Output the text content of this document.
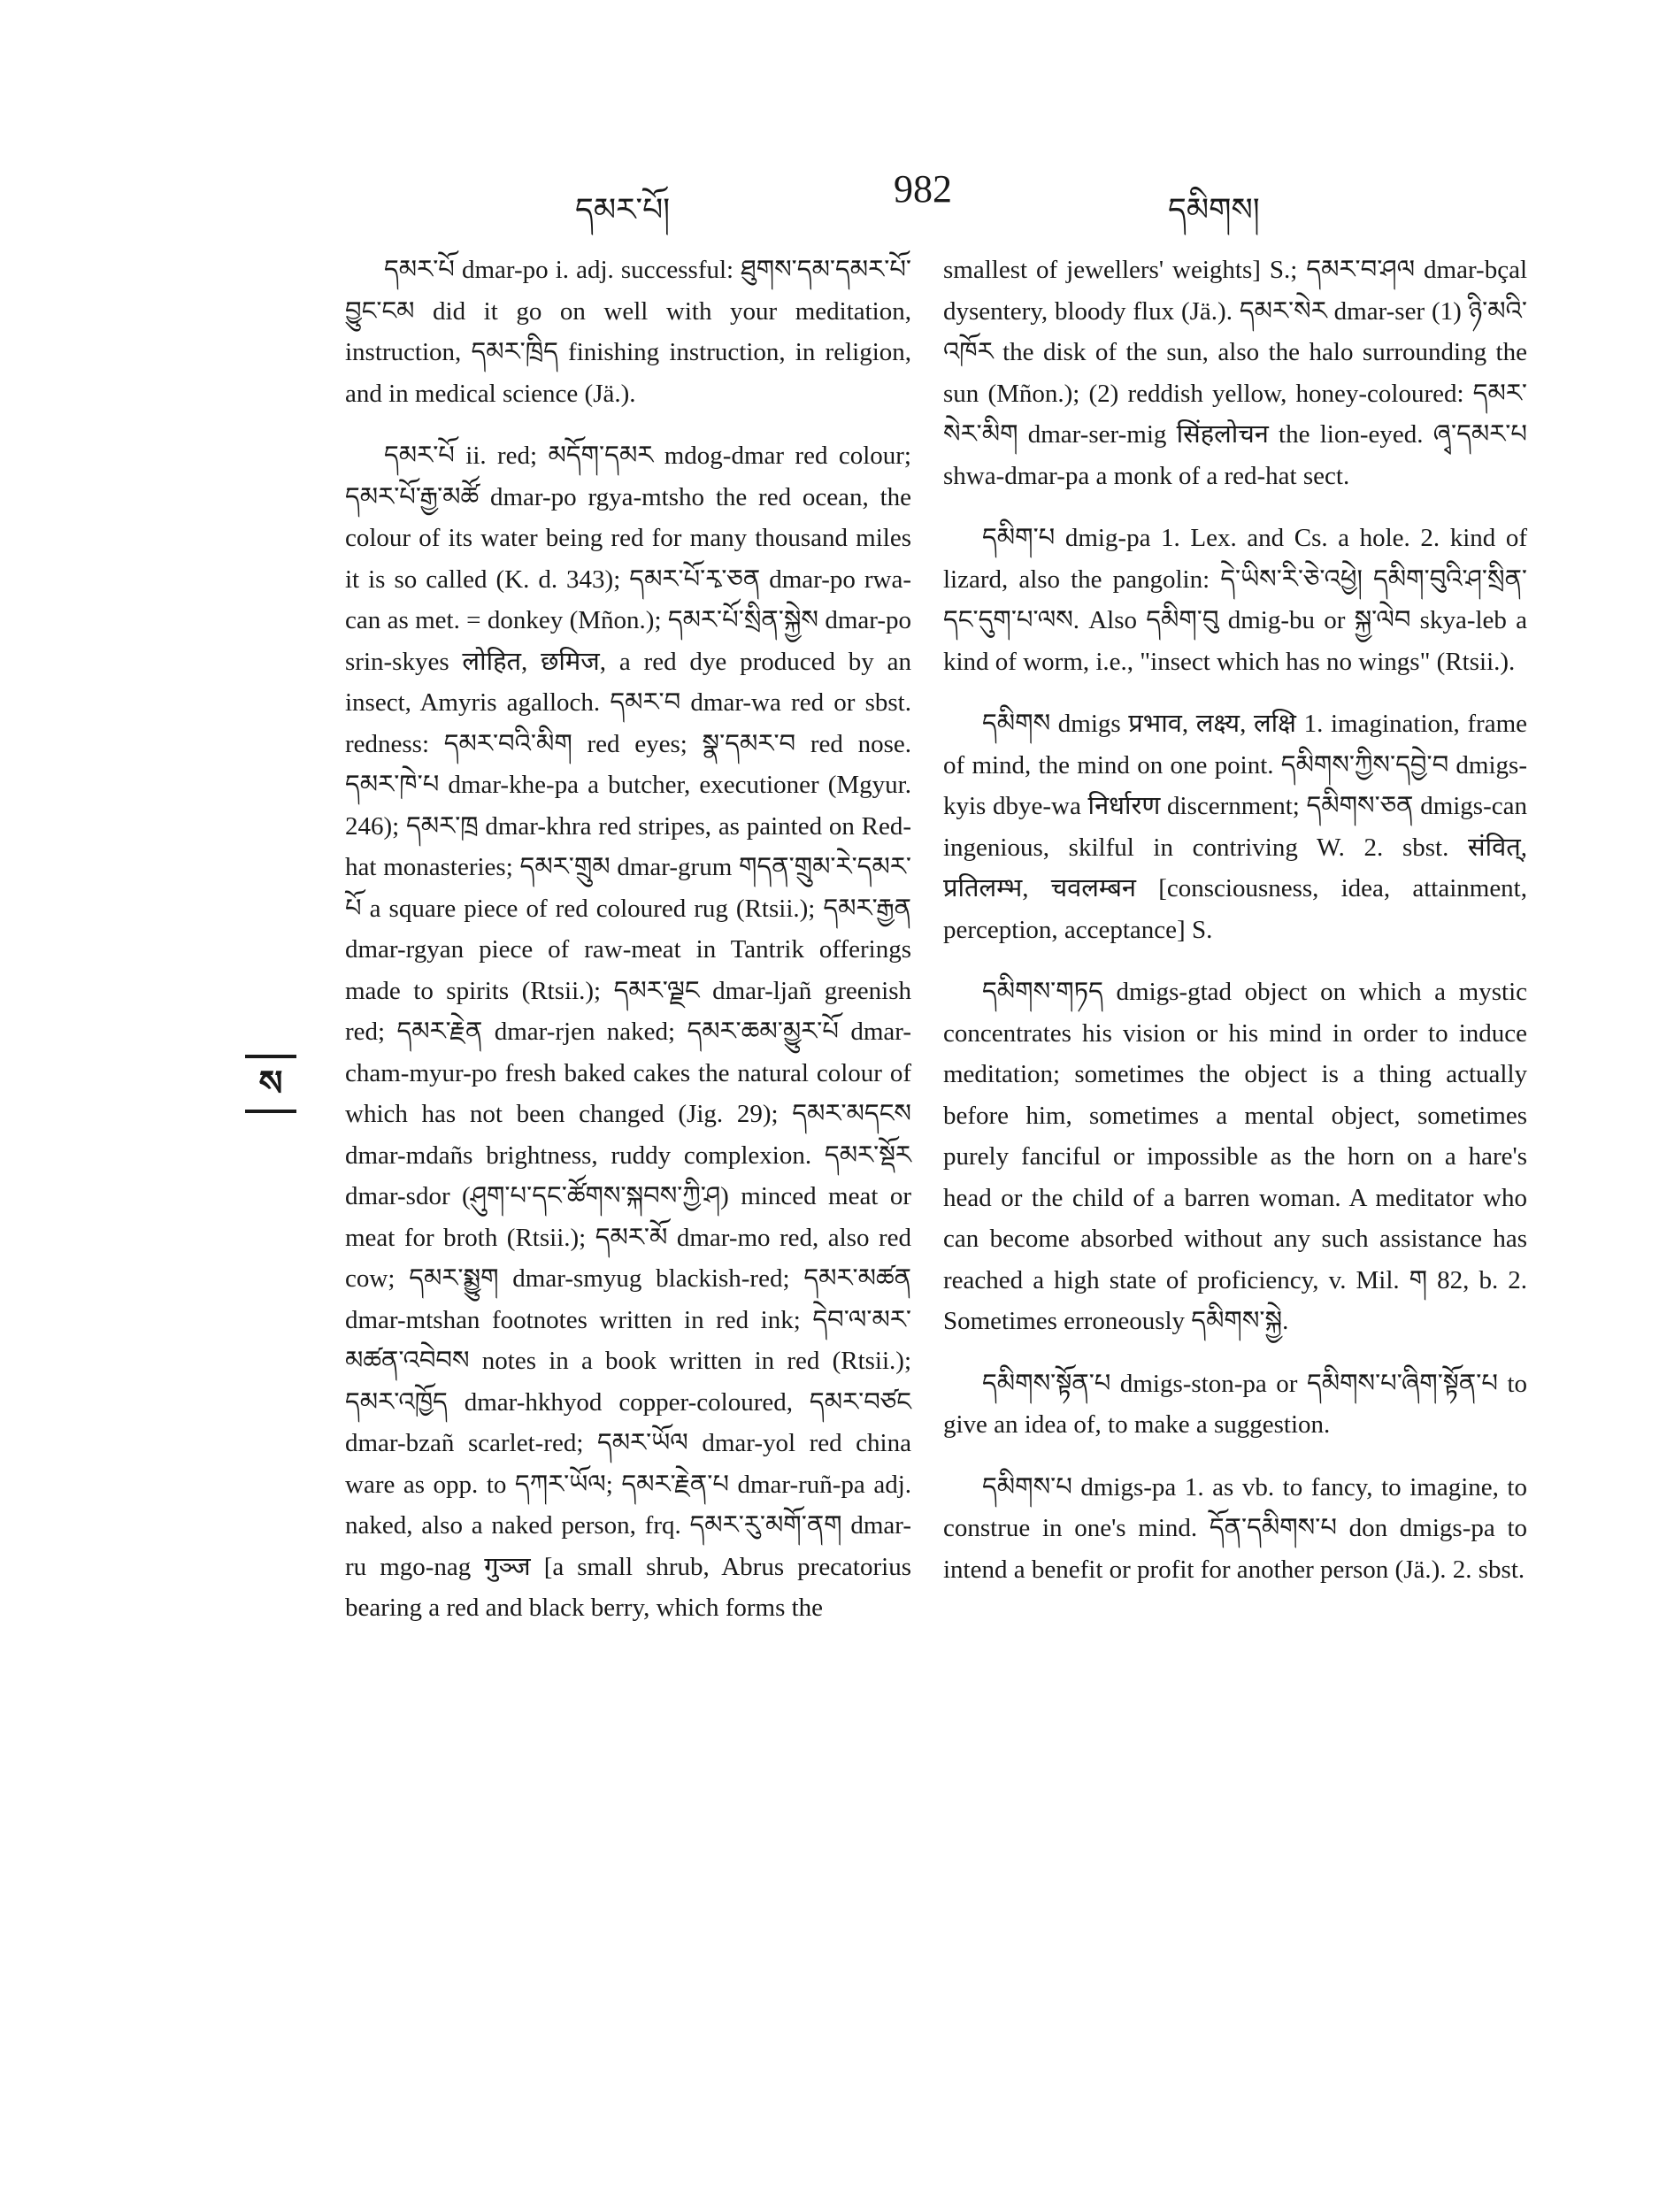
དམར་པོ།	982	དམིགས།
ས

དམར་པོ dmar-po i. adj. successful: ཐུགས་དམ་དམར་པོ་བྱུང་ངམ did it go on well with your meditation, instruction, དམར་ཁྲིད finishing instruction, in religion, and in medical science (Jä.).

དམར་པོ ii. red; མདོག་དམར mdog-dmar red colour; དམར་པོ་རྒྱ་མཚོ dmar-po rgya-mtsho the red ocean, the colour of its water being red for many thousand miles it is so called (K. d. 343); དམར་པོ་རྭ་ཅན dmar-po rwa-can as met. = donkey (Mñon.); དམར་པོ་སྲིན་སྐྱེས dmar-po srin-skyes लोहित, छमिज, a red dye produced by an insect, Amyris agalloch. དམར་བ dmar-wa red or sbst. redness: དམར་བའི་མིག red eyes; སྣ་དམར་བ red nose. དམར་ཁེ་པ dmar-khe-pa a butcher, executioner (Mgyur. 246); དམར་ཁྲ dmar-khra red stripes, as painted on Red-hat monasteries; དམར་གྲུམ dmar-grum གདན་གྲུམ་རེ་དམར་པོ a square piece of red coloured rug (Rtsii.); དམར་རྒྱན dmar-rgyan piece of raw-meat in Tantrik offerings made to spirits (Rtsii.); དམར་ལྗང dmar-ljañ greenish red; དམར་རྗེན dmar-rjen naked; དམར་ཆམ་མྱུར་པོ dmar-cham-myur-po fresh baked cakes the natural colour of which has not been changed (Jig. 29); དམར་མདངས dmar-mdañs brightness, ruddy complexion. དམར་སྡོར dmar-sdor (ཤུག་པ་དང་ཚོགས་སྐབས་ཀྱི་ཤ) minced meat or meat for broth (Rtsii.); དམར་མོ dmar-mo red, also red cow; དམར་སྨྱུག dmar-smyug blackish-red; དམར་མཚན dmar-mtshan footnotes written in red ink; དེབ་ལ་མར་མཚན་འབེབས notes in a book written in red (Rtsii.); དམར་འཁྱོད dmar-hkhyod copper-coloured, དམར་བཙང dmar-bzañ scarlet-red; དམར་ཡོལ dmar-yol red china ware as opp. to དཀར་ཡོལ; དམར་རྗེན་པ dmar-ruñ-pa adj. naked, also a naked person, frq. དམར་རུ་མགོ་ནག dmar-ru mgo-nag गुञ्ज [a small shrub, Abrus precatorius bearing a red and black berry, which forms the

smallest of jewellers' weights] S.; དམར་བ་ཤལ dmar-bçal dysentery, bloody flux (Jä.). དམར་སེར dmar-ser (1) ཉི་མའི་འཁོར the disk of the sun, also the halo surrounding the sun (Mñon.); (2) reddish yellow, honey-coloured: དམར་སེར་མིག dmar-ser-mig सिंहलोचन the lion-eyed. ཞྭ་དམར་པ shwa-dmar-pa a monk of a red-hat sect.

དམིག་པ dmig-pa 1. Lex. and Cs. a hole. 2. kind of lizard, also the pangolin: དེ་ཡིས་རི་ཅེ་འཕྱེ། དམིག་བུའི་ཤ་སྲིན་དང་དུག་པ་ལས. Also དམིག་བུ dmig-bu or སྐྱ་ལེབ skya-leb a kind of worm, i.e., "insect which has no wings" (Rtsii.).

དམིགས dmigs प्रभाव, लक्ष्य, लक्षि 1. imagination, frame of mind, the mind on one point. དམིགས་ཀྱིས་དབྱེ་བ dmigs-kyis dbye-wa निर्धारण discernment; དམིགས་ཅན dmigs-can ingenious, skilful in contriving W. 2. sbst. संवित्, प्रतिलम्भ, चवलम्बन [consciousness, idea, attainment, perception, acceptance] S.

དམིགས་གཏད dmigs-gtad object on which a mystic concentrates his vision or his mind in order to induce meditation; sometimes the object is a thing actually before him, sometimes a mental object, sometimes purely fanciful or impossible as the horn on a hare's head or the child of a barren woman. A meditator who can become absorbed without any such assistance has reached a high state of proficiency, v. Mil. ག 82, b. 2. Sometimes erroneously དམིགས་སྐྱེ.

དམིགས་སྟོན་པ dmigs-ston-pa or དམིགས་པ་ཞིག་སྟོན་པ to give an idea of, to make a suggestion.

དམིགས་པ dmigs-pa 1. as vb. to fancy, to imagine, to construe in one's mind. དོན་དམིགས་པ don dmigs-pa to intend a benefit or profit for another person (Jä.). 2. sbst.
